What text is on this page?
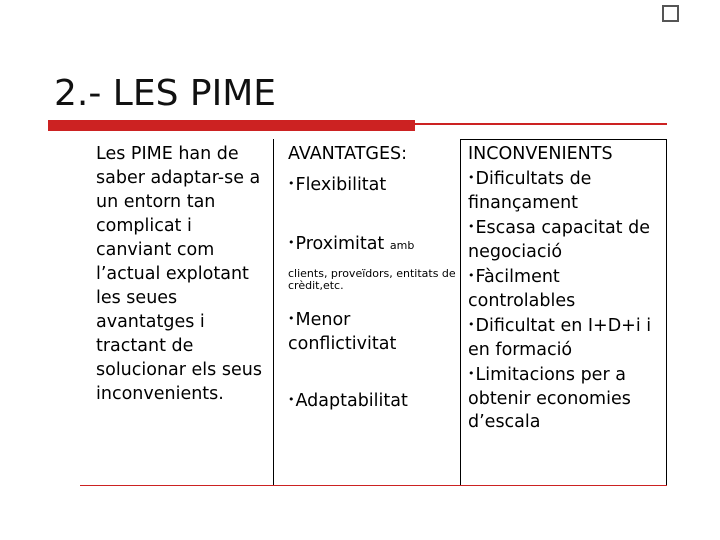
2.- LES PIME

Les PIME han de saber adaptar-se a un entorn tan complicat i canviant com l’actual explotant les seues avantatges i tractant de solucionar els seus inconvenients.

AVANTATGES:
•Flexibilitat
•Proximitat amb
clients, proveïdors, entitats de crèdit,etc.
•Menor conflictivitat
•Adaptabilitat
INCONVENIENTS
•Dificultats de finançament
•Escasa capacitat de negociació
•Fàcilment controlables
•Dificultat en I+D+i i en formació
•Limitacions per a obtenir economies d’escala
